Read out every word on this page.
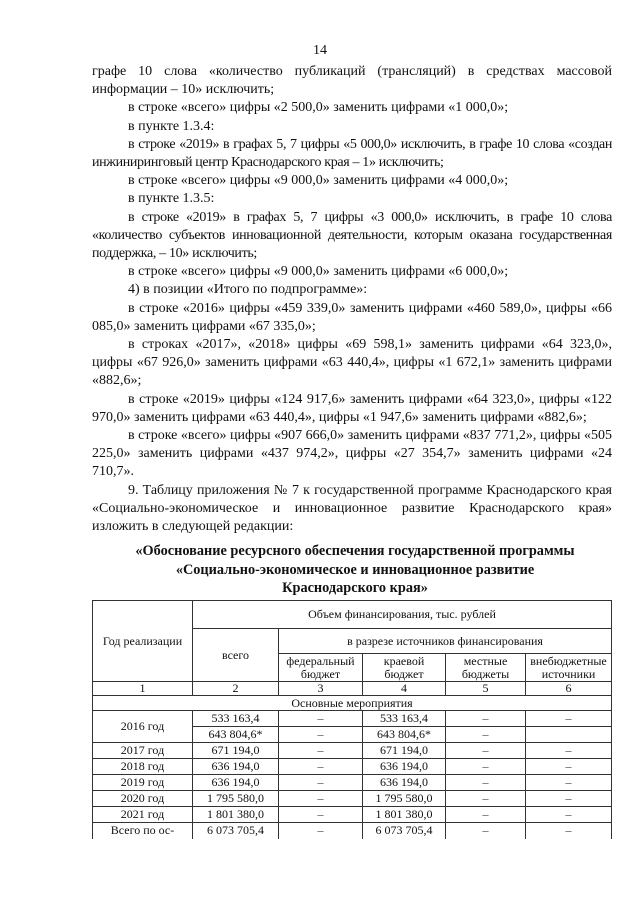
14

графе 10 слова «количество публикаций (трансляций) в средствах массовой информации – 10» исключить;

в строке «всего» цифры «2 500,0» заменить цифрами «1 000,0»;

в пункте 1.3.4:

в строке «2019» в графах 5, 7 цифры «5 000,0» исключить, в графе 10 слова «создан инжиниринговый центр Краснодарского края – 1» исключить;

в строке «всего» цифры «9 000,0» заменить цифрами «4 000,0»;

в пункте 1.3.5:

в строке «2019» в графах 5, 7 цифры «3 000,0» исключить, в графе 10 слова «количество субъектов инновационной деятельности, которым оказана государственная поддержка, – 10» исключить;

в строке «всего» цифры «9 000,0» заменить цифрами «6 000,0»;

4) в позиции «Итого по подпрограмме»:

в строке «2016» цифры «459 339,0» заменить цифрами «460 589,0», цифры «66 085,0» заменить цифрами «67 335,0»;

в строках «2017», «2018» цифры «69 598,1» заменить цифрами «64 323,0», цифры «67 926,0» заменить цифрами «63 440,4», цифры «1 672,1» заменить цифрами «882,6»;

в строке «2019» цифры «124 917,6» заменить цифрами «64 323,0», цифры «122 970,0» заменить цифрами «63 440,4», цифры «1 947,6» заменить цифрами «882,6»;

в строке «всего» цифры «907 666,0» заменить цифрами «837 771,2», цифры «505 225,0» заменить цифрами «437 974,2», цифры «27 354,7» заменить цифрами «24 710,7».

9. Таблицу приложения № 7 к государственной программе Краснодарского края «Социально-экономическое и инновационное развитие Краснодарского края» изложить в следующей редакции:

«Обоснование ресурсного обеспечения государственной программы
«Социально-экономическое и инновационное развитие
Краснодарского края»
Год реализации	Объем финансирования, тыс. рублей				
	всего	в разрезе источников финансирования			
		федеральный бюджет	краевой бюджет	местные бюджеты	внебюджетные источники
1	2	3	4	5	6
Основные мероприятия					
2016 год	533 163,4	–	533 163,4	–	–
	643 804,6*	–	643 804,6*	–	
2017 год	671 194,0	–	671 194,0	–	–
2018 год	636 194,0	–	636 194,0	–	–
2019 год	636 194,0	–	636 194,0	–	–
2020 год	1 795 580,0	–	1 795 580,0	–	–
2021 год	1 801 380,0	–	1 801 380,0	–	–
Всего по ос-	6 073 705,4	–	6 073 705,4	–	–
